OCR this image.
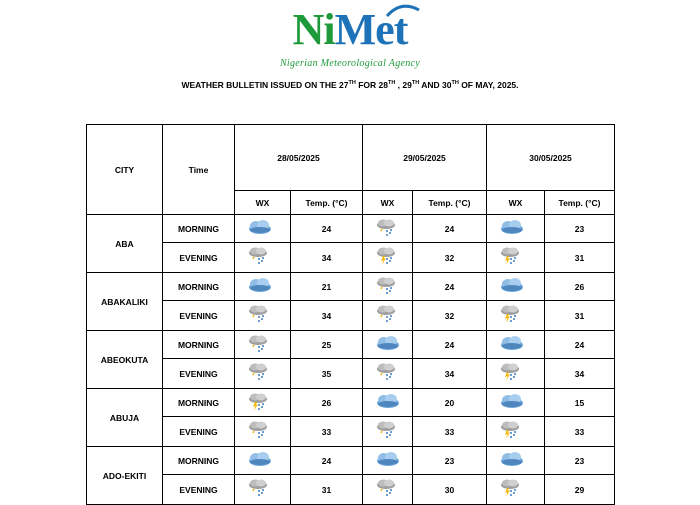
NiMet
Nigerian Meteorological Agency
WEATHER BULLETIN ISSUED ON THE 27TH FOR 28TH , 29TH AND 30TH OF MAY, 2025.
CITY	Time	28/05/2025		29/05/2025		30/05/2025	
		WX	Temp. (°C)	WX	Temp. (°C)	WX	Temp. (°C)
ABA	MORNING		24		24		23
	EVENING		34		32		31
ABAKALIKI	MORNING		21		24		26
	EVENING		34		32		31
ABEOKUTA	MORNING		25		24		24
	EVENING		35		34		34
ABUJA	MORNING		26		20		15
	EVENING		33		33		33
ADO-EKITI	MORNING		24		23		23
	EVENING		31		30		29
